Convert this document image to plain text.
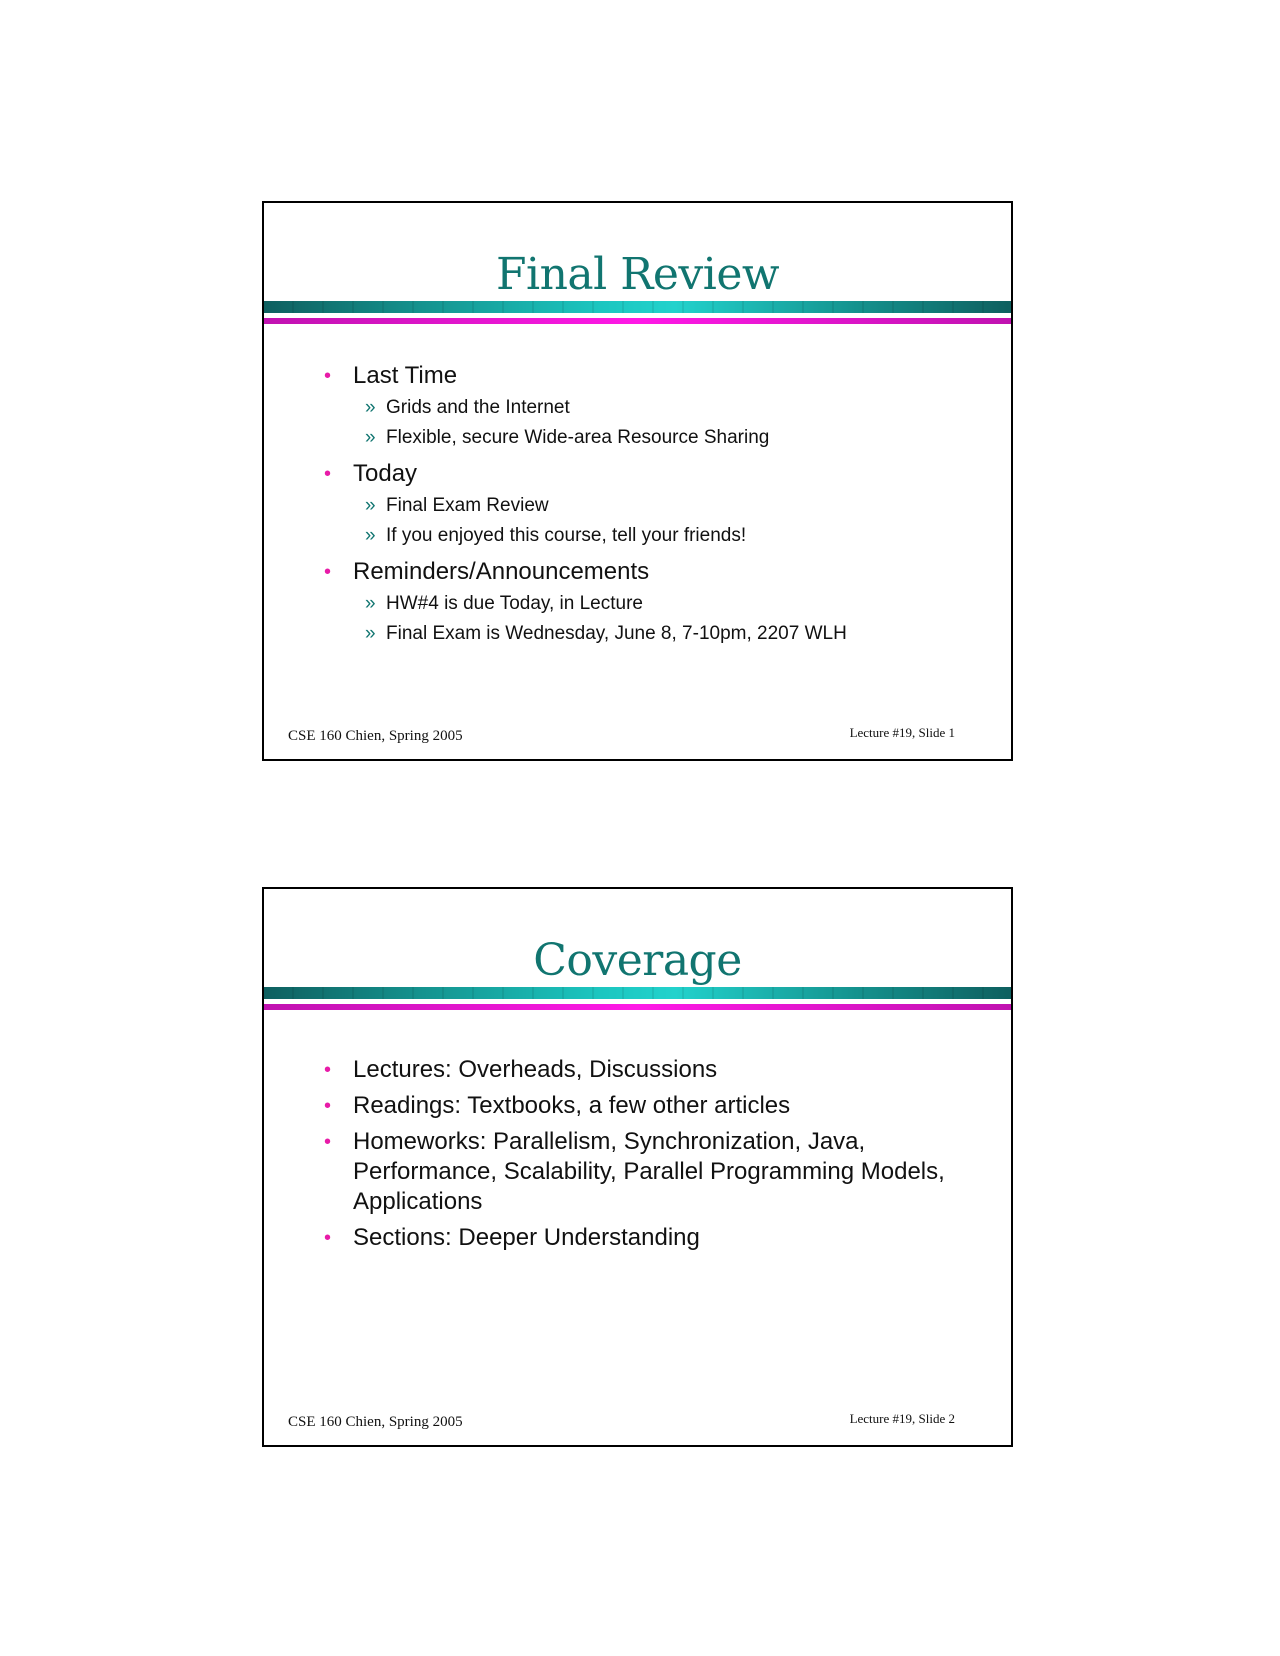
Final Review
• Last Time
» Grids and the Internet
» Flexible, secure Wide-area Resource Sharing
• Today
» Final Exam Review
» If you enjoyed this course, tell your friends!
• Reminders/Announcements
» HW#4 is due Today, in Lecture
» Final Exam is Wednesday, June 8, 7-10pm, 2207 WLH
CSE 160 Chien, Spring 2005	Lecture #19, Slide 1
Coverage
• Lectures: Overheads, Discussions
• Readings: Textbooks, a few other articles
• Homeworks: Parallelism, Synchronization, Java, Performance, Scalability, Parallel Programming Models, Applications
• Sections: Deeper Understanding
CSE 160 Chien, Spring 2005	Lecture #19, Slide 2
